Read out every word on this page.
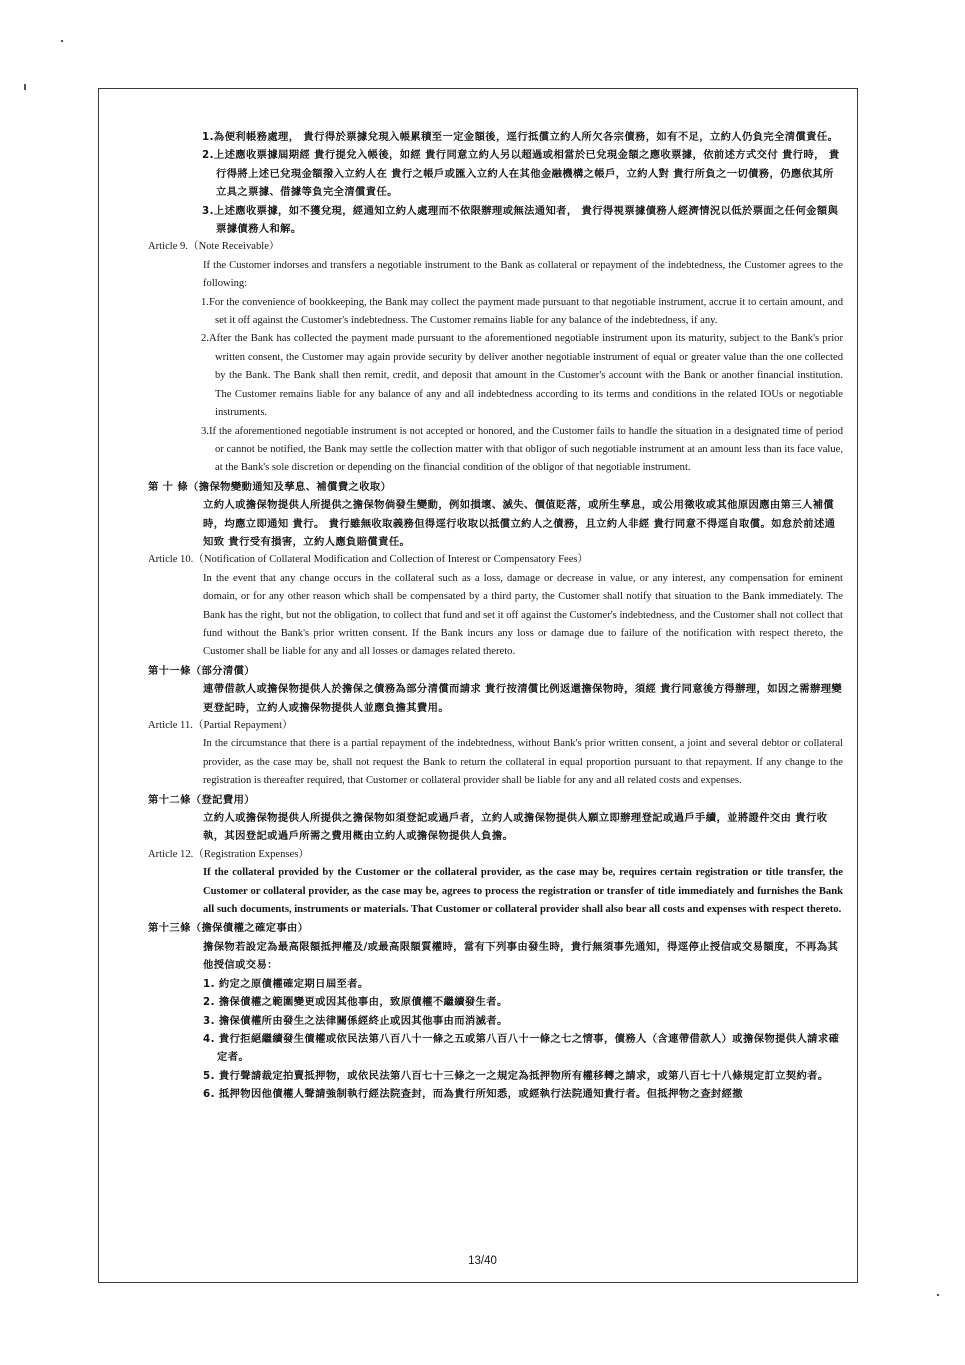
1.為便利帳務處理， 貴行得於票據兌現入帳累積至一定金額後，逕行抵償立約人所欠各宗債務，如有不足，立約人仍負完全清償責任。
2.上述應收票據屆期經 貴行提兌入帳後，如經 貴行同意立約人另以超過或相當於已兌現金額之應收票據，依前述方式交付 貴行時， 貴行得將上述已兌現金額撥入立約人在 貴行之帳戶或匯入立約人在其他金融機構之帳戶，立約人對 貴行所負之一切債務，仍應依其所立具之票據、借據等負完全清償責任。
3.上述應收票據，如不獲兌現，經通知立約人處理而不依限辦理或無法通知者， 貴行得視票據債務人經濟情況以低於票面之任何金額與票據債務人和解。
Article 9.（Note Receivable）
If the Customer indorses and transfers a negotiable instrument to the Bank as collateral or repayment of the indebtedness, the Customer agrees to the following:
1.For the convenience of bookkeeping, the Bank may collect the payment made pursuant to that negotiable instrument, accrue it to certain amount, and set it off against the Customer's indebtedness. The Customer remains liable for any balance of the indebtedness, if any.
2.After the Bank has collected the payment made pursuant to the aforementioned negotiable instrument upon its maturity, subject to the Bank's prior written consent, the Customer may again provide security by deliver another negotiable instrument of equal or greater value than the one collected by the Bank. The Bank shall then remit, credit, and deposit that amount in the Customer's account with the Bank or another financial institution. The Customer remains liable for any balance of any and all indebtedness according to its terms and conditions in the related IOUs or negotiable instruments.
3.If the aforementioned negotiable instrument is not accepted or honored, and the Customer fails to handle the situation in a designated time of period or cannot be notified, the Bank may settle the collection matter with that obligor of such negotiable instrument at an amount less than its face value, at the Bank's sole discretion or depending on the financial condition of the obligor of that negotiable instrument.
第 十 條（擔保物變動通知及孳息、補償費之收取）
立約人或擔保物提供人所提供之擔保物倘發生變動，例如損壞、滅失、價值貶落，或所生孳息，或公用徵收或其他原因應由第三人補償時，均應立即通知 貴行。 貴行雖無收取義務但得逕行收取以抵償立約人之債務，且立約人非經 貴行同意不得逕自取償。如怠於前述通知致 貴行受有損害，立約人應負賠償責任。
Article 10.（Notification of Collateral Modification and Collection of Interest or Compensatory Fees）
In the event that any change occurs in the collateral such as a loss, damage or decrease in value, or any interest, any compensation for eminent domain, or for any other reason which shall be compensated by a third party, the Customer shall notify that situation to the Bank immediately. The Bank has the right, but not the obligation, to collect that fund and set it off against the Customer's indebtedness, and the Customer shall not collect that fund without the Bank's prior written consent. If the Bank incurs any loss or damage due to failure of the notification with respect thereto, the Customer shall be liable for any and all losses or damages related thereto.
第十一條（部分清償）
連帶借款人或擔保物提供人於擔保之債務為部分清償而請求 貴行按清償比例返還擔保物時，須經 貴行同意後方得辦理，如因之需辦理變更登記時，立約人或擔保物提供人並應負擔其費用。
Article 11.（Partial Repayment）
In the circumstance that there is a partial repayment of the indebtedness, without Bank's prior written consent, a joint and several debtor or collateral provider, as the case may be, shall not request the Bank to return the collateral in equal proportion pursuant to that repayment. If any change to the registration is thereafter required, that Customer or collateral provider shall be liable for any and all related costs and expenses.
第十二條（登記費用）
立約人或擔保物提供人所提供之擔保物如須登記或過戶者，立約人或擔保物提供人願立即辦理登記或過戶手續，並將證件交由 貴行收執，其因登記或過戶所需之費用概由立約人或擔保物提供人負擔。
Article 12.（Registration Expenses）
If the collateral provided by the Customer or the collateral provider, as the case may be, requires certain registration or title transfer, the Customer or collateral provider, as the case may be, agrees to process the registration or transfer of title immediately and furnishes the Bank all such documents, instruments or materials. That Customer or collateral provider shall also bear all costs and expenses with respect thereto.
第十三條（擔保債權之確定事由）
擔保物若設定為最高限額抵押權及/或最高限額質權時，當有下列事由發生時，貴行無須事先通知，得逕停止授信或交易額度，不再為其他授信或交易：
1. 約定之原債權確定期日屆至者。
2. 擔保債權之範圍變更或因其他事由，致原債權不繼續發生者。
3. 擔保債權所由發生之法律關係經終止或因其他事由而消滅者。
4. 貴行拒絕繼續發生債權或依民法第八百八十一條之五或第八百八十一條之七之情事，債務人（含連帶借款人）或擔保物提供人請求確定者。
5. 貴行聲請裁定拍賣抵押物，或依民法第八百七十三條之一之規定為抵押物所有權移轉之請求，或第八百七十八條規定訂立契約者。
6. 抵押物因他債權人聲請強制執行經法院查封，而為貴行所知悉，或經執行法院通知貴行者。但抵押物之查封經撤
13/40
